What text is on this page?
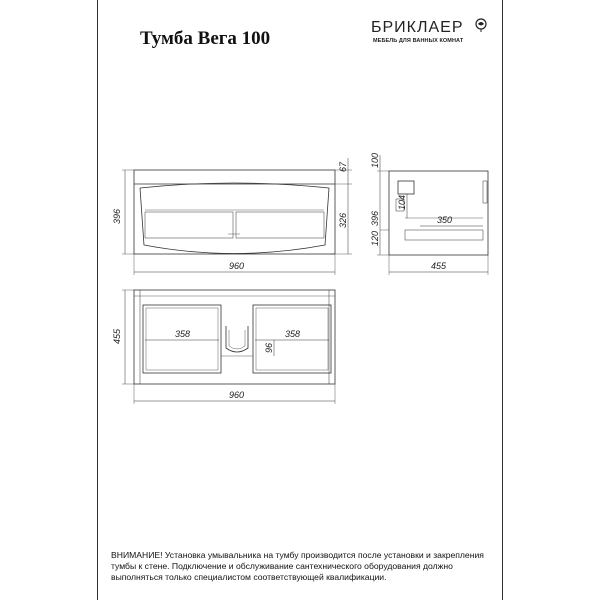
Тумба Вега 100
БРИКЛАЕР
МЕБЕЛЬ ДЛЯ ВАННЫХ КОМНАТ
396
67
326
960
100
396
104
120
350
455
455	358	358
96
960
ВНИМАНИЕ! Установка умывальника на тумбу производится после установки и закрепления
тумбы к стене. Подключение и обслуживание сантехнического оборудования должно
выполняться только специалистом соответствующей квалификации.
